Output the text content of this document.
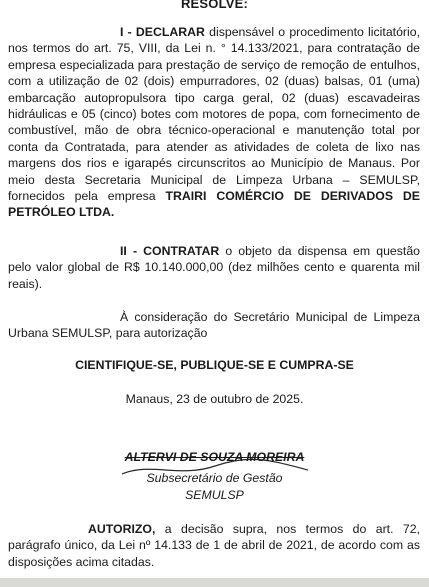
RESOLVE:

I - DECLARAR dispensável o procedimento licitatório, nos termos do art. 75, VIII, da Lei n. ° 14.133/2021, para contratação de empresa especializada para prestação de serviço de remoção de entulhos, com a utilização de 02 (dois) empurradores, 02 (duas) balsas, 01 (uma) embarcação autopropulsora tipo carga geral, 02 (duas) escavadeiras hidráulicas e 05 (cinco) botes com motores de popa, com fornecimento de combustível, mão de obra técnico-operacional e manutenção total por conta da Contratada, para atender as atividades de coleta de lixo nas margens dos rios e igarapés circunscritos ao Município de Manaus. Por meio desta Secretaria Municipal de Limpeza Urbana – SEMULSP, fornecidos pela empresa TRAIRI COMÉRCIO DE DERIVADOS DE PETRÓLEO LTDA.

II - CONTRATAR o objeto da dispensa em questão pelo valor global de R$ 10.140.000,00 (dez milhões cento e quarenta mil reais).

À consideração do Secretário Municipal de Limpeza Urbana SEMULSP, para autorização

CIENTIFIQUE-SE, PUBLIQUE-SE E CUMPRA-SE
Manaus, 23 de outubro de 2025.
ALTERVI DE SOUZA MOREIRA
Subsecretário de Gestão
SEMULSP

AUTORIZO, a decisão supra, nos termos do art. 72, parágrafo único, da Lei nº 14.133 de 1 de abril de 2021, de acordo com as disposições acima citadas.
